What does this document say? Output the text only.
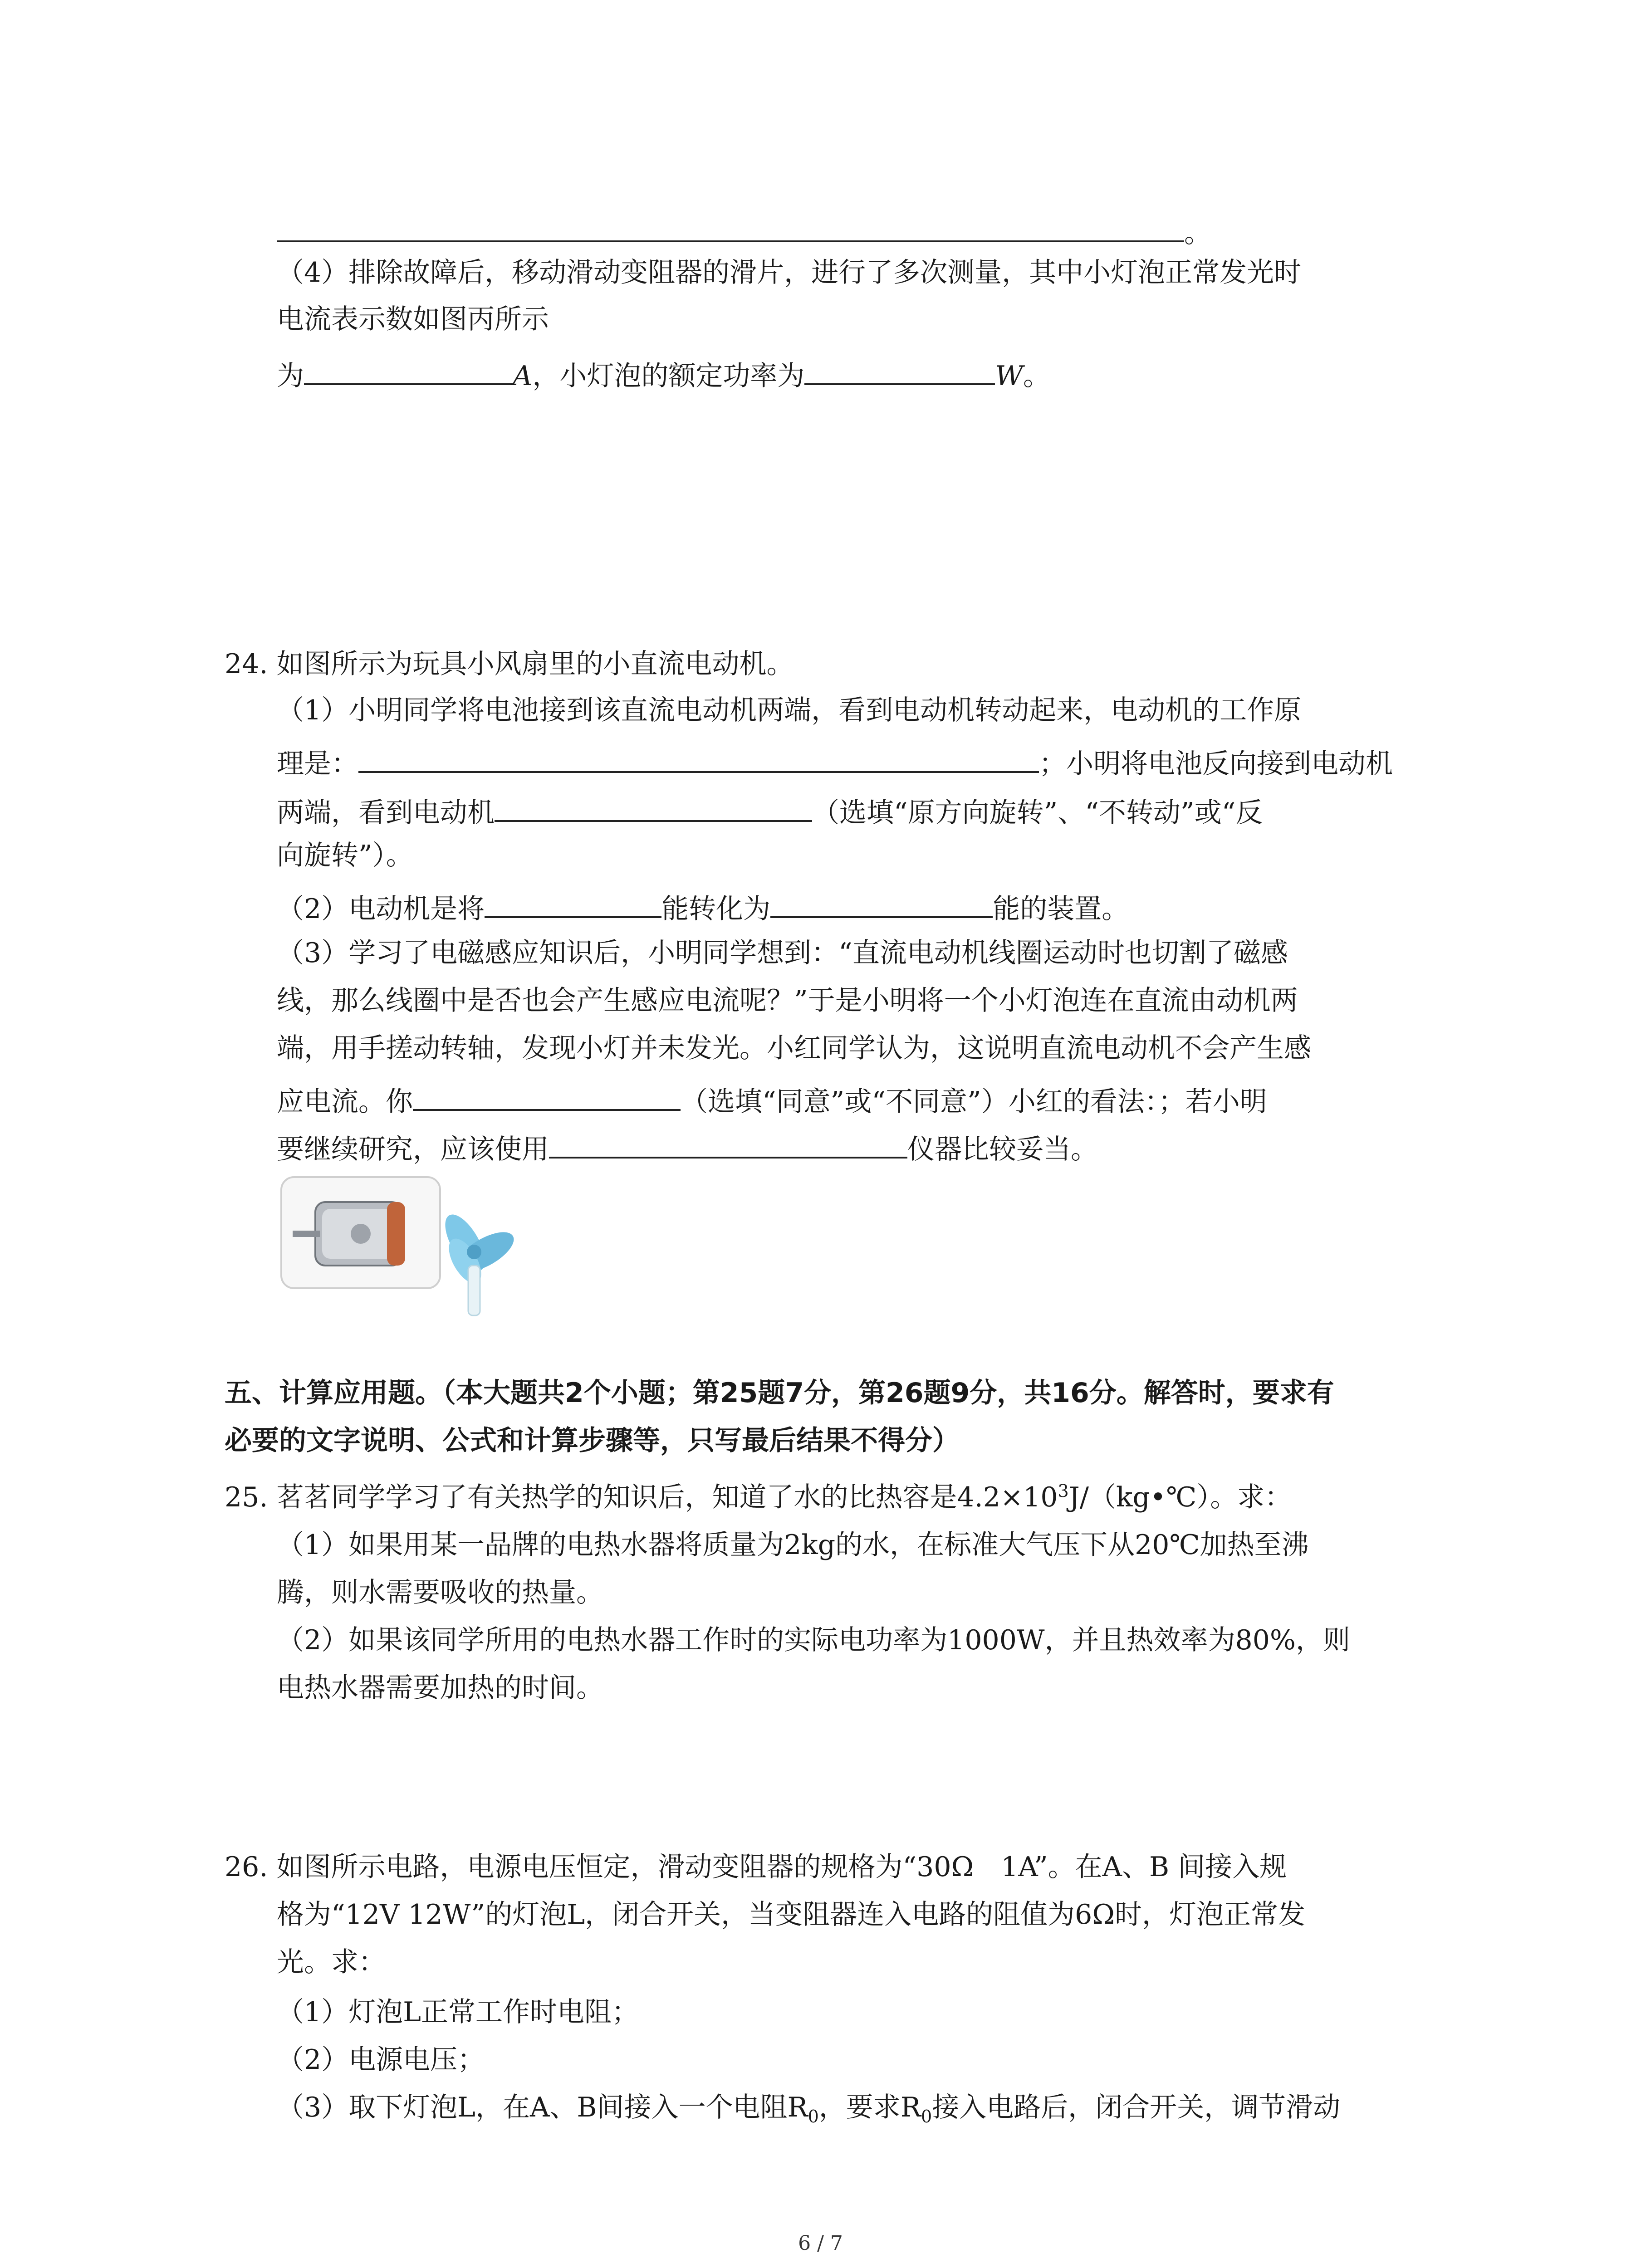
。
（4）排除故障后，移动滑动变阻器的滑片，进行了多次测量，其中小灯泡正常发光时
电流表示数如图丙所示
为	A，小灯泡的额定功率为	W。
24. 如图所示为玩具小风扇里的小直流电动机。
（1）小明同学将电池接到该直流电动机两端，看到电动机转动起来，电动机的工作原
理是：	；小明将电池反向接到电动机
两端，看到电动机	（选填“原方向旋转”、“不转动”或“反
向旋转”）。
（2）电动机是将	能转化为	能的装置。
（3）学习了电磁感应知识后，小明同学想到：“直流电动机线圈运动时也切割了磁感
线，那么线圈中是否也会产生感应电流呢？”于是小明将一个小灯泡连在直流由动机两
端，用手搓动转轴，发现小灯并未发光。小红同学认为，这说明直流电动机不会产生感
应电流。你	（选填“同意”或“不同意”）小红的看法：；若小明
要继续研究，应该使用	仪器比较妥当。
五、计算应用题。（本大题共2个小题；第25题7分，第26题9分，共16分。解答时，要求有
必要的文字说明、公式和计算步骤等，只写最后结果不得分）
25. 茗茗同学学习了有关热学的知识后，知道了水的比热容是$4.2\times 10^3J/(kg•℃)$。求：
（1）如果用某一品牌的电热水器将质量为2kg的水，在标准大气压下从20℃加热至沸
腾，则水需要吸收的热量。
（2）如果该同学所用的电热水器工作时的实际电功率为1000W，并且热效率为80%，则
电热水器需要加热的时间。
26. 如图所示电路，电源电压恒定，滑动变阻器的规格为“30Ω　1A”。在A、B 间接入规
格为“12V 12W”的灯泡L，闭合开关，当变阻器连入电路的阻值为6Ω时，灯泡正常发
光。求：
（1）灯泡L正常工作时电阻；
（2）电源电压；
（3）取下灯泡L，在A、B间接入一个电阻$R_0$，要求$R_0$接入电路后，闭合开关，调节滑动
6 / 7
